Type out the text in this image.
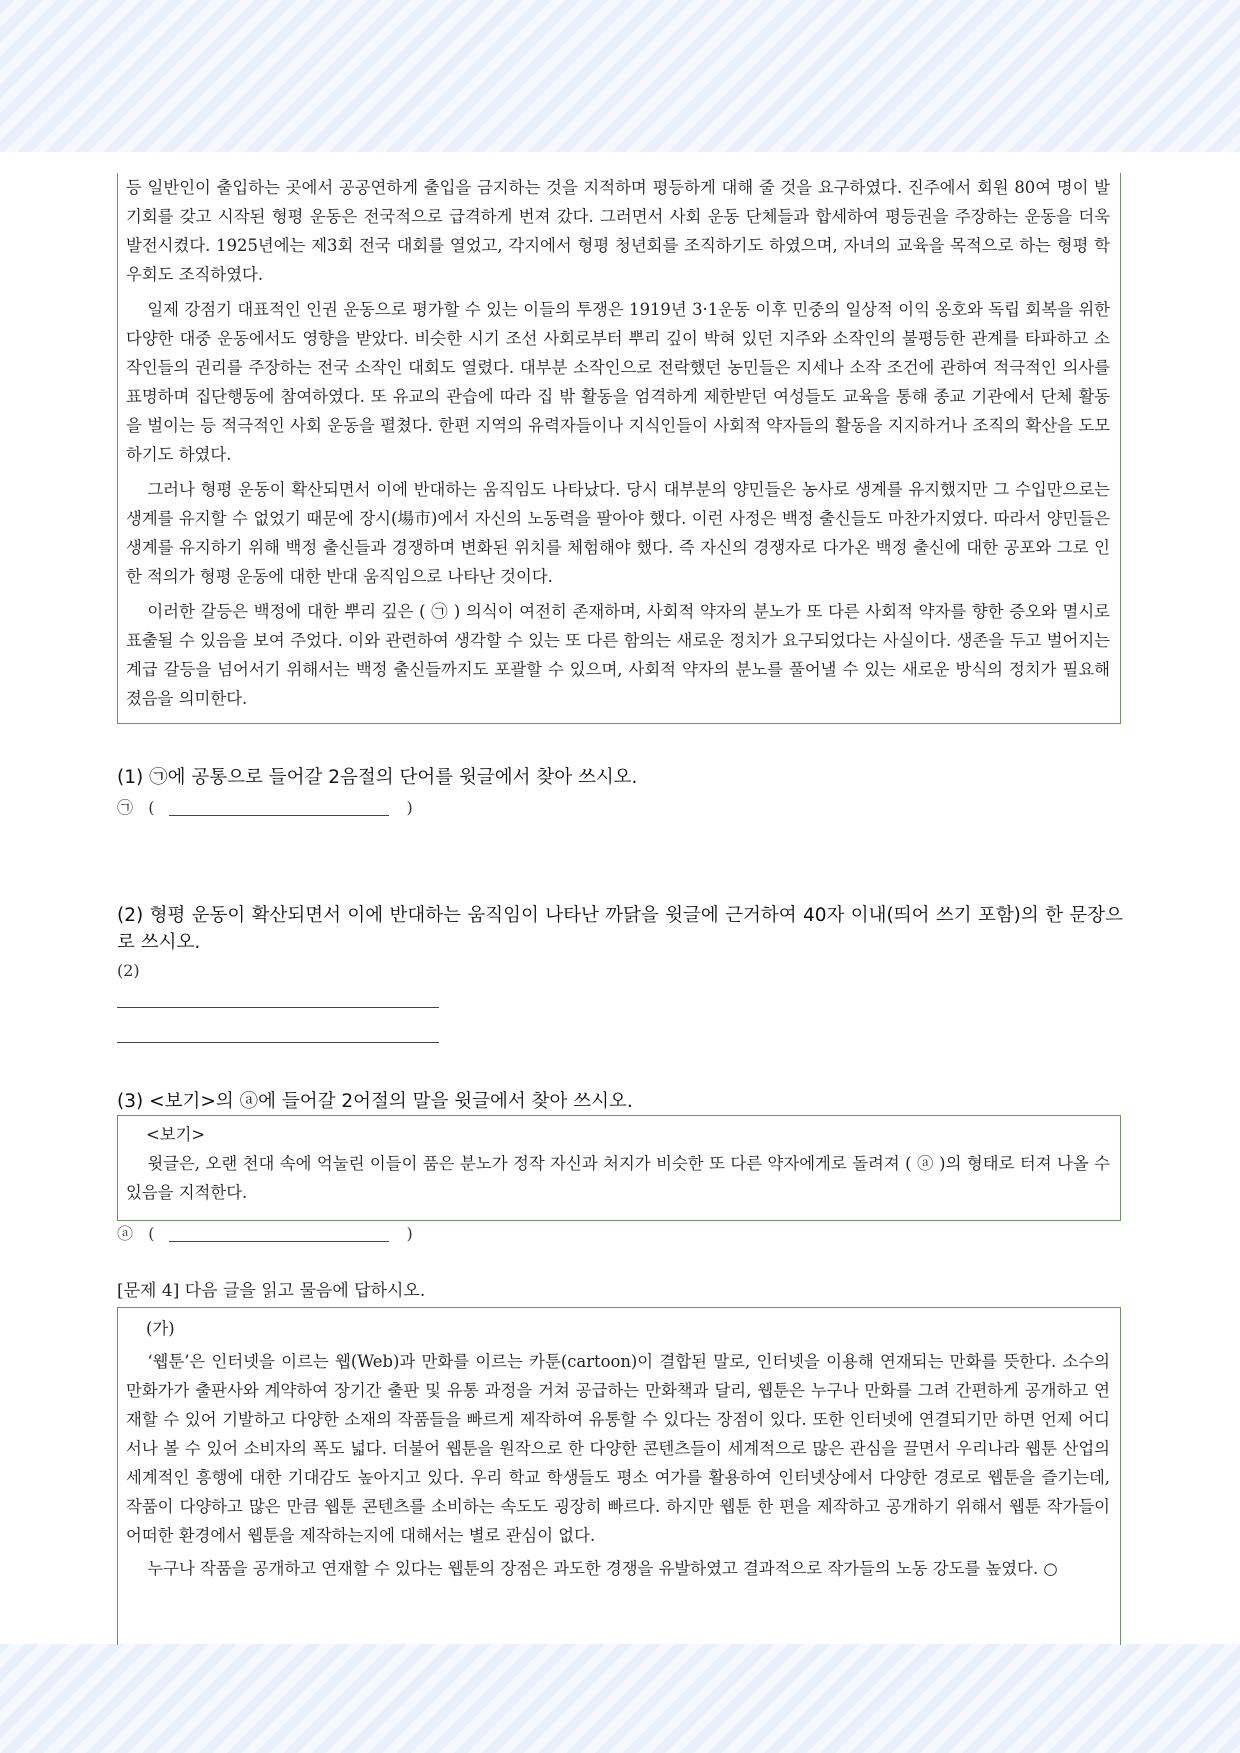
등 일반인이 출입하는 곳에서 공공연하게 출입을 금지하는 것을 지적하며 평등하게 대해 줄 것을 요구하였다. 진주에서 회원 80여 명이 발기회를 갖고 시작된 형평 운동은 전국적으로 급격하게 번져 갔다. 그러면서 사회 운동 단체들과 합세하여 평등권을 주장하는 운동을 더욱 발전시켰다. 1925년에는 제3회 전국 대회를 열었고, 각지에서 형평 청년회를 조직하기도 하였으며, 자녀의 교육을 목적으로 하는 형평 학우회도 조직하였다.

일제 강점기 대표적인 인권 운동으로 평가할 수 있는 이들의 투쟁은 1919년 3·1운동 이후 민중의 일상적 이익 옹호와 독립 회복을 위한 다양한 대중 운동에서도 영향을 받았다. 비슷한 시기 조선 사회로부터 뿌리 깊이 박혀 있던 지주와 소작인의 불평등한 관계를 타파하고 소작인들의 권리를 주장하는 전국 소작인 대회도 열렸다. 대부분 소작인으로 전락했던 농민들은 지세나 소작 조건에 관하여 적극적인 의사를 표명하며 집단행동에 참여하였다. 또 유교의 관습에 따라 집 밖 활동을 엄격하게 제한받던 여성들도 교육을 통해 종교 기관에서 단체 활동을 벌이는 등 적극적인 사회 운동을 펼쳤다. 한편 지역의 유력자들이나 지식인들이 사회적 약자들의 활동을 지지하거나 조직의 확산을 도모하기도 하였다.

그러나 형평 운동이 확산되면서 이에 반대하는 움직임도 나타났다. 당시 대부분의 양민들은 농사로 생계를 유지했지만 그 수입만으로는 생계를 유지할 수 없었기 때문에 장시(場市)에서 자신의 노동력을 팔아야 했다. 이런 사정은 백정 출신들도 마찬가지였다. 따라서 양민들은 생계를 유지하기 위해 백정 출신들과 경쟁하며 변화된 위치를 체험해야 했다. 즉 자신의 경쟁자로 다가온 백정 출신에 대한 공포와 그로 인한 적의가 형평 운동에 대한 반대 움직임으로 나타난 것이다.

이러한 갈등은 백정에 대한 뿌리 깊은 ( ㉠ ) 의식이 여전히 존재하며, 사회적 약자의 분노가 또 다른 사회적 약자를 향한 증오와 멸시로 표출될 수 있음을 보여 주었다. 이와 관련하여 생각할 수 있는 또 다른 함의는 새로운 정치가 요구되었다는 사실이다. 생존을 두고 벌어지는 계급 갈등을 넘어서기 위해서는 백정 출신들까지도 포괄할 수 있으며, 사회적 약자의 분노를 풀어낼 수 있는 새로운 방식의 정치가 필요해졌음을 의미한다.

(1) ㉠에 공통으로 들어갈 2음절의 단어를 윗글에서 찾아 쓰시오.
㉠ (	)
(2) 형평 운동이 확산되면서 이에 반대하는 움직임이 나타난 까닭을 윗글에 근거하여 40자 이내(띄어 쓰기 포함)의 한 문장으로 쓰시오.
(2)
(3) <보기>의 ⓐ에 들어갈 2어절의 말을 윗글에서 찾아 쓰시오.

<보기>

윗글은, 오랜 천대 속에 억눌린 이들이 품은 분노가 정작 자신과 처지가 비슷한 또 다른 약자에게로 돌려져 ( ⓐ )의 형태로 터져 나올 수 있음을 지적한다.

ⓐ (	)
[문제 4] 다음 글을 읽고 물음에 답하시오.

(가)

‘웹툰’은 인터넷을 이르는 웹(Web)과 만화를 이르는 카툰(cartoon)이 결합된 말로, 인터넷을 이용해 연재되는 만화를 뜻한다. 소수의 만화가가 출판사와 계약하여 장기간 출판 및 유통 과정을 거쳐 공급하는 만화책과 달리, 웹툰은 누구나 만화를 그려 간편하게 공개하고 연재할 수 있어 기발하고 다양한 소재의 작품들을 빠르게 제작하여 유통할 수 있다는 장점이 있다. 또한 인터넷에 연결되기만 하면 언제 어디서나 볼 수 있어 소비자의 폭도 넓다. 더불어 웹툰을 원작으로 한 다양한 콘텐츠들이 세계적으로 많은 관심을 끌면서 우리나라 웹툰 산업의 세계적인 흥행에 대한 기대감도 높아지고 있다. 우리 학교 학생들도 평소 여가를 활용하여 인터넷상에서 다양한 경로로 웹툰을 즐기는데, 작품이 다양하고 많은 만큼 웹툰 콘텐츠를 소비하는 속도도 굉장히 빠르다. 하지만 웹툰 한 편을 제작하고 공개하기 위해서 웹툰 작가들이 어떠한 환경에서 웹툰을 제작하는지에 대해서는 별로 관심이 없다.

누구나 작품을 공개하고 연재할 수 있다는 웹툰의 장점은 과도한 경쟁을 유발하였고 결과적으로 작가들의 노동 강도를 높였다. ○
